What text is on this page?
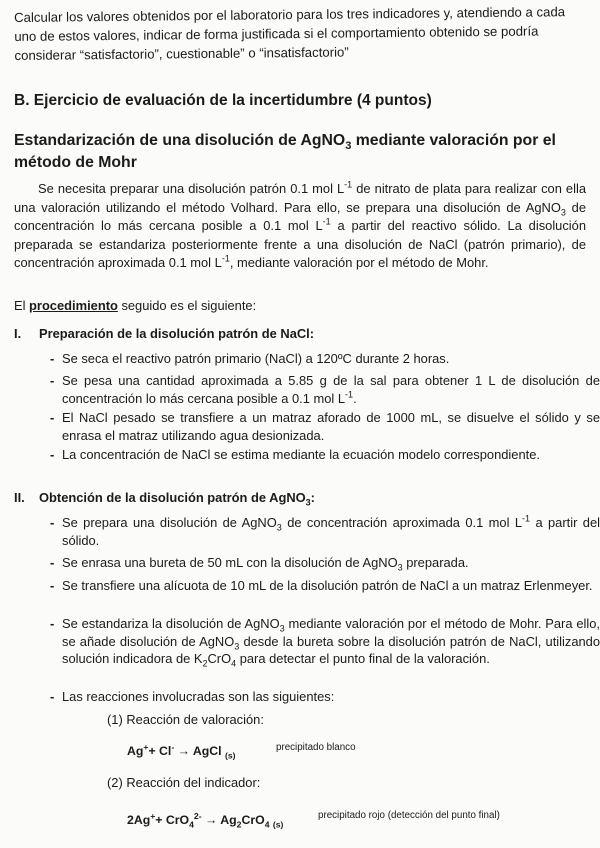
Calcular los valores obtenidos por el laboratorio para los tres indicadores y, atendiendo a cada uno de estos valores, indicar de forma justificada si el comportamiento obtenido se podría considerar “satisfactorio”, cuestionable” o “insatisfactorio”
B. Ejercicio de evaluación de la incertidumbre (4 puntos)
Estandarización de una disolución de AgNO$_3$ mediante valoración por el método de Mohr
Se necesita preparar una disolución patrón 0.1 mol $L^{-1}$ de nitrato de plata para realizar con ella una valoración utilizando el método Volhard. Para ello, se prepara una disolución de AgNO$_3$ de concentración lo más cercana posible a 0.1 mol $L^{-1}$ a partir del reactivo sólido. La disolución preparada se estandariza posteriormente frente a una disolución de NaCl (patrón primario), de concentración aproximada 0.1 mol $L^{-1}$, mediante valoración por el método de Mohr.
El procedimiento seguido es el siguiente:
I. Preparación de la disolución patrón de NaCl:
- Se seca el reactivo patrón primario (NaCl) a 120ºC durante 2 horas.
- Se pesa una cantidad aproximada a 5.85 g de la sal para obtener 1 L de disolución de concentración lo más cercana posible a 0.1 mol $L^{-1}$.
- El NaCl pesado se transfiere a un matraz aforado de 1000 mL, se disuelve el sólido y se enrasa el matraz utilizando agua desionizada.
- La concentración de NaCl se estima mediante la ecuación modelo correspondiente.
II. Obtención de la disolución patrón de AgNO$_3$:
- Se prepara una disolución de AgNO$_3$ de concentración aproximada 0.1 mol $L^{-1}$ a partir del sólido.
- Se enrasa una bureta de 50 mL con la disolución de AgNO$_3$ preparada.
- Se transfiere una alícuota de 10 mL de la disolución patrón de NaCl a un matraz Erlenmeyer.
- Se estandariza la disolución de AgNO$_3$ mediante valoración por el método de Mohr. Para ello, se añade disolución de AgNO$_3$ desde la bureta sobre la disolución patrón de NaCl, utilizando solución indicadora de $K_2CrO_4$ para detectar el punto final de la valoración.
- Las reacciones involucradas son las siguientes:
(1) Reacción de valoración:
Ag++ Cl- → AgCl $_{(s)}$
precipitado blanco
(2) Reacción del indicador:
$2Ag^++ CrO_4^{2-} \to Ag_2CrO_4$ $_{(s)}$
precipitado rojo (detección del punto final)
